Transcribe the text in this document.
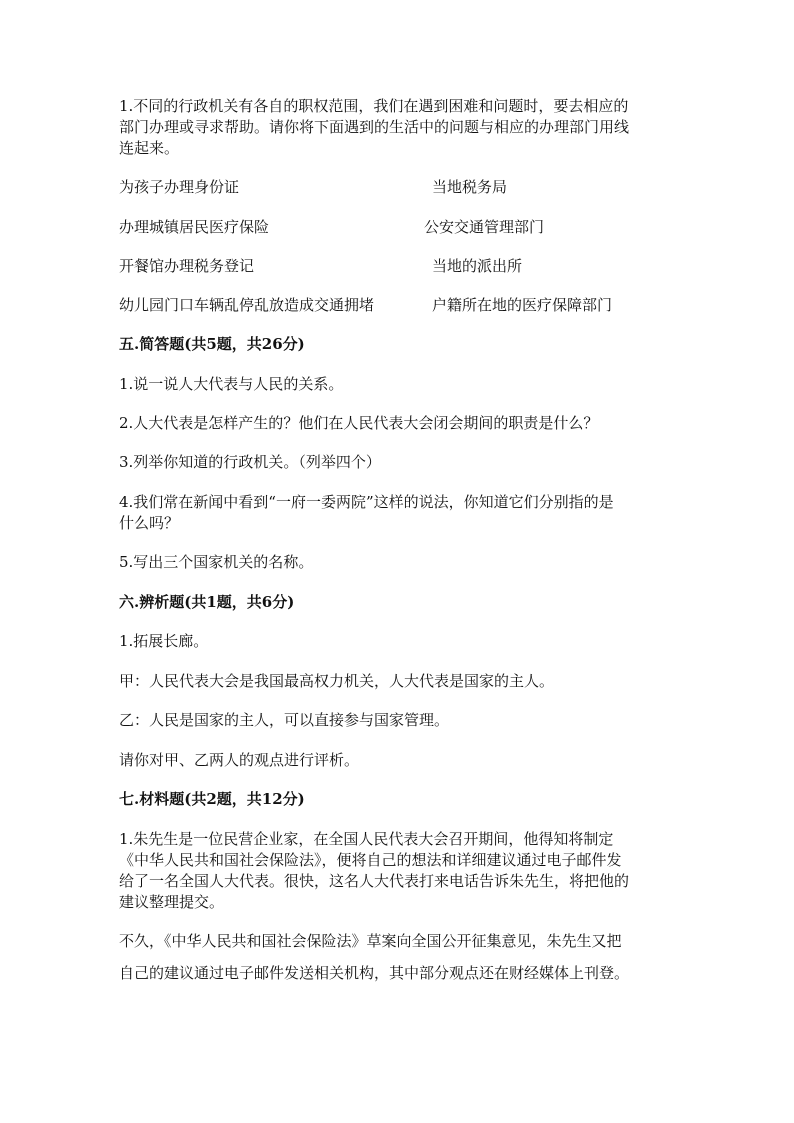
1.不同的行政机关有各自的职权范围，我们在遇到困难和问题时，要去相应的
部门办理或寻求帮助。请你将下面遇到的生活中的问题与相应的办理部门用线
连起来。
为孩子办理身份证	当地税务局
办理城镇居民医疗保险	公安交通管理部门
开餐馆办理税务登记	当地的派出所
幼儿园门口车辆乱停乱放造成交通拥堵	户籍所在地的医疗保障部门
五.简答题(共5题，共26分)
1.说一说人大代表与人民的关系。
2.人大代表是怎样产生的？他们在人民代表大会闭会期间的职责是什么？
3.列举你知道的行政机关。（列举四个）
4.我们常在新闻中看到“一府一委两院”这样的说法，你知道它们分别指的是
什么吗？
5.写出三个国家机关的名称。
六.辨析题(共1题，共6分)
1.拓展长廊。
甲：人民代表大会是我国最高权力机关，人大代表是国家的主人。
乙：人民是国家的主人，可以直接参与国家管理。
请你对甲、乙两人的观点进行评析。
七.材料题(共2题，共12分)
1.朱先生是一位民营企业家，在全国人民代表大会召开期间，他得知将制定
《中华人民共和国社会保险法》，便将自己的想法和详细建议通过电子邮件发
给了一名全国人大代表。很快，这名人大代表打来电话告诉朱先生，将把他的
建议整理提交。
不久，《中华人民共和国社会保险法》草案向全国公开征集意见，朱先生又把
自己的建议通过电子邮件发送相关机构，其中部分观点还在财经媒体上刊登。
